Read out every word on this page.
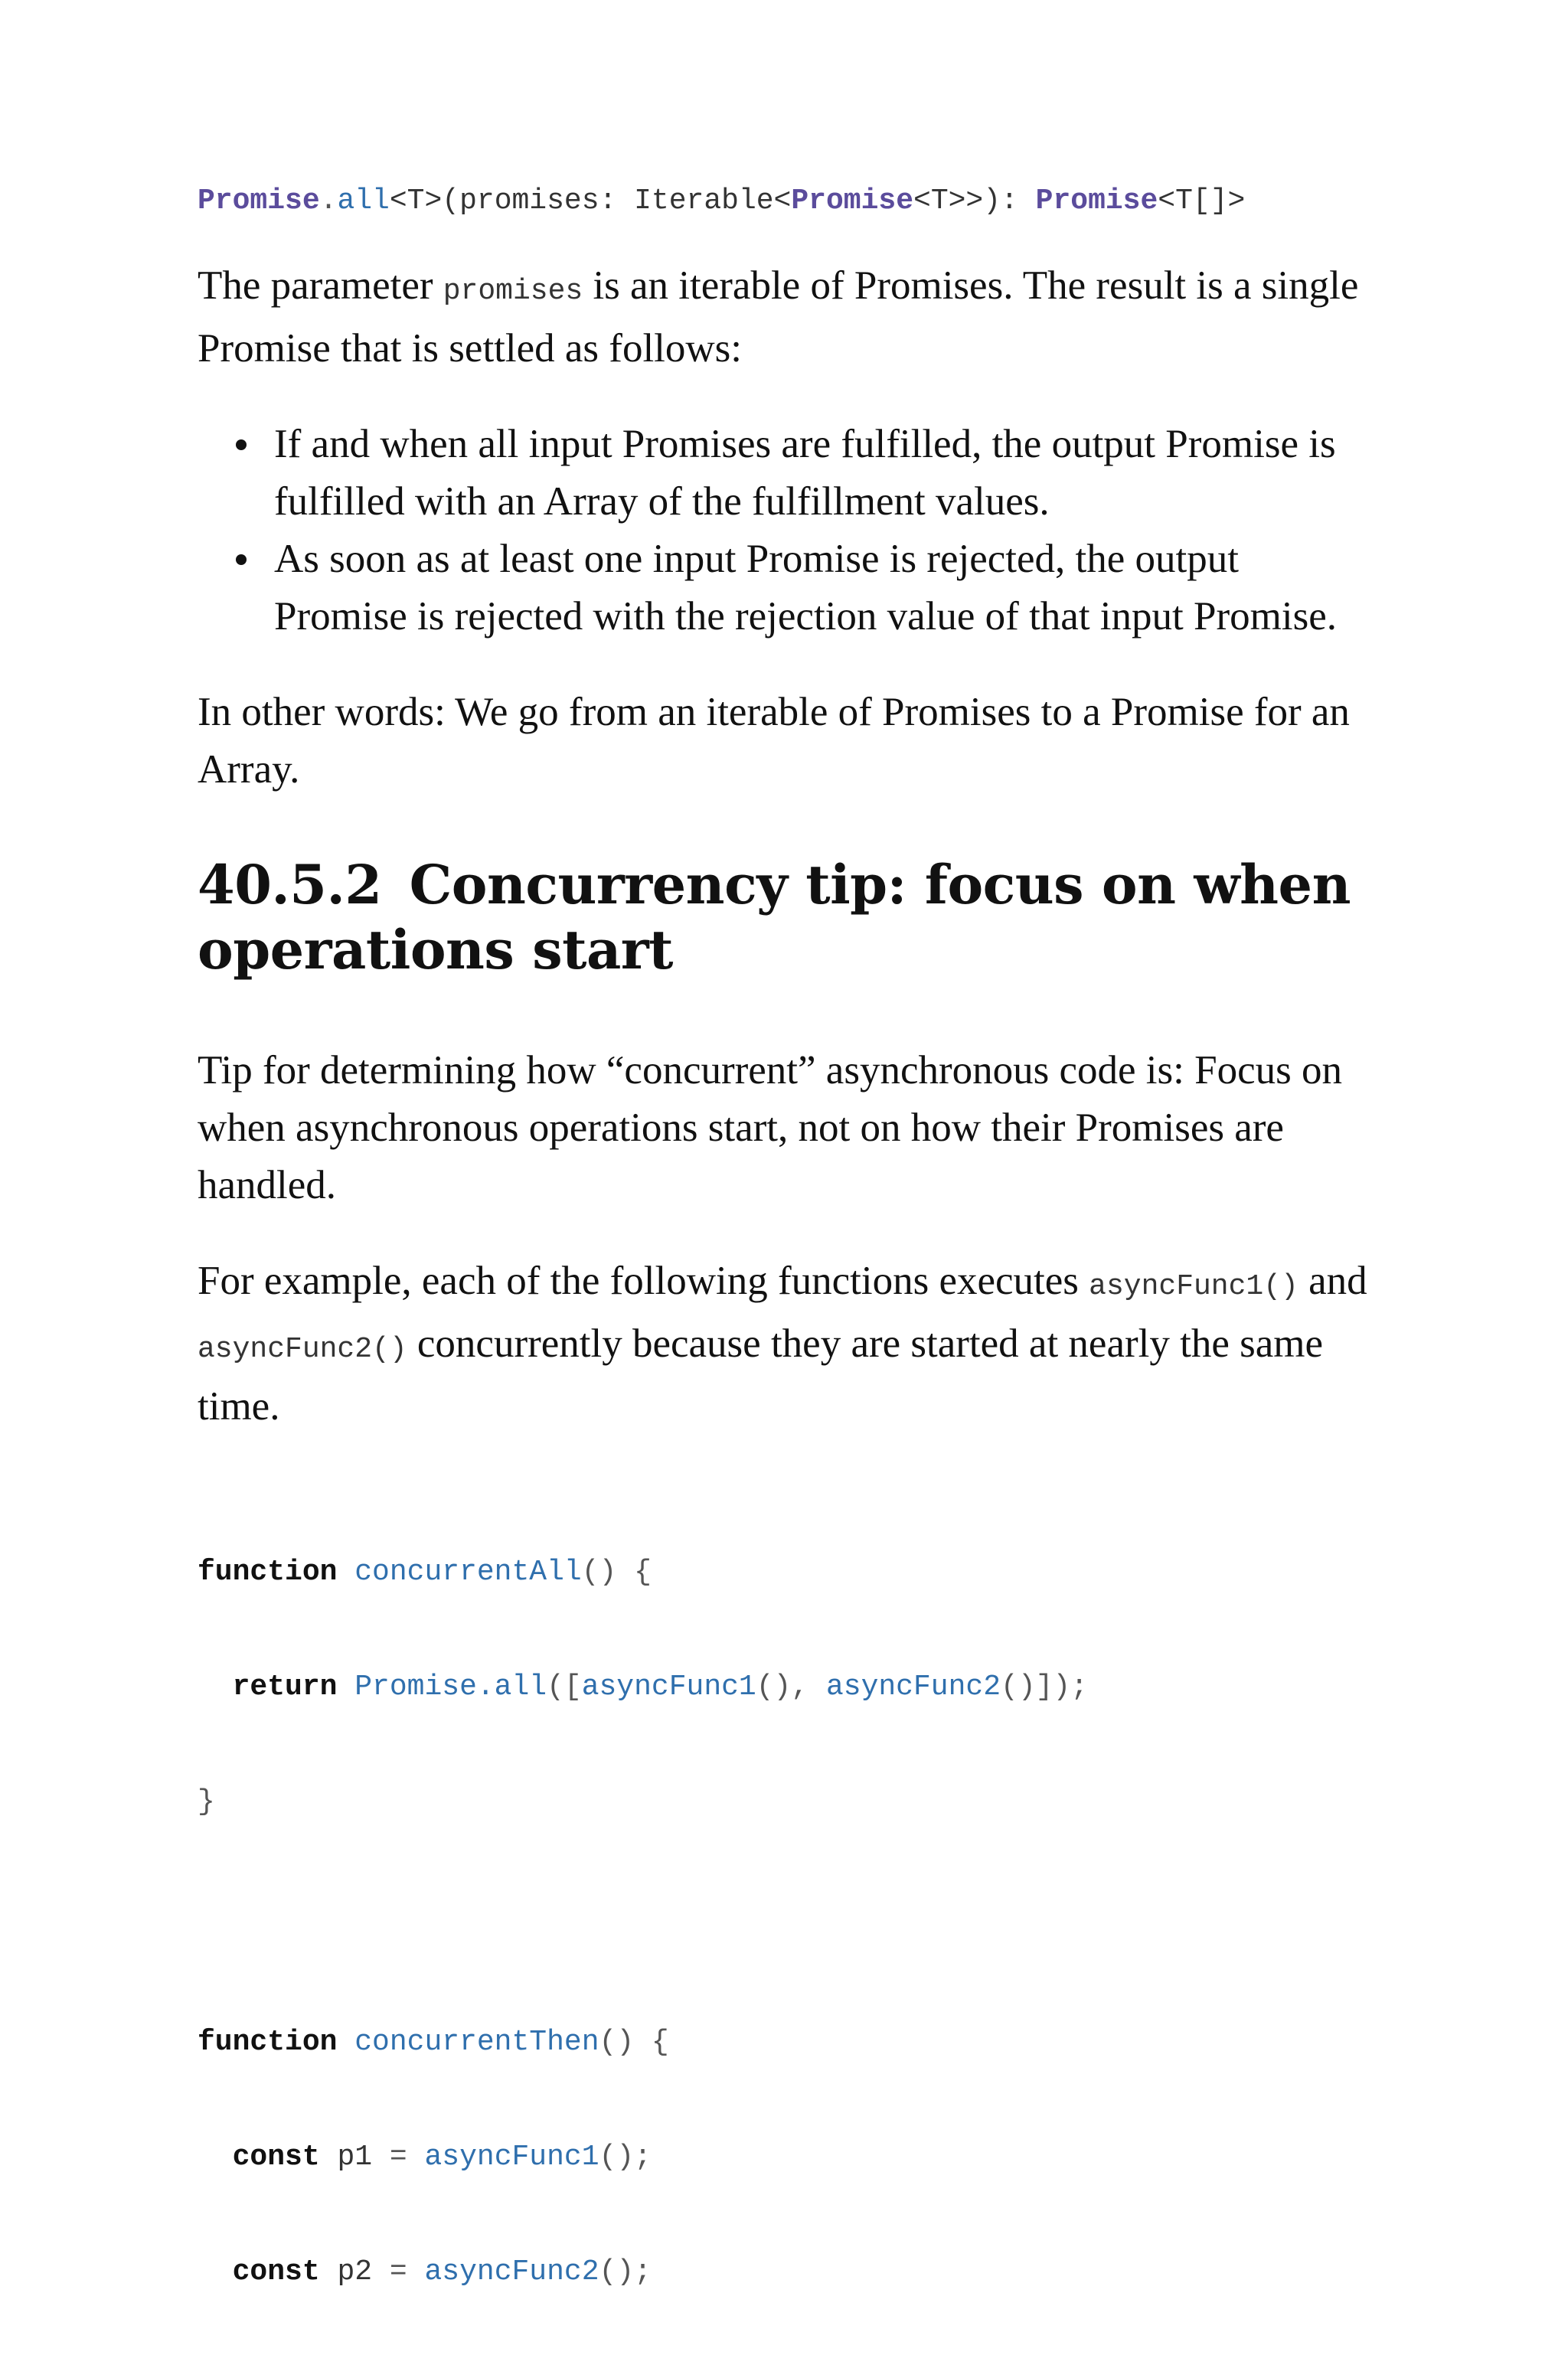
Promise.all<T>(promises: Iterable<Promise<T>>): Promise<T[]>

The parameter promises is an iterable of Promises. The result is a single Promise that is settled as follows:

If and when all input Promises are fulfilled, the output Promise is fulfilled with an Array of the fulfillment values.
As soon as at least one input Promise is rejected, the output Promise is rejected with the rejection value of that input Promise.

In other words: We go from an iterable of Promises to a Promise for an Array.

40.5.2 Concurrency tip: focus on when operations start

Tip for determining how “concurrent” asynchronous code is: Focus on when asynchronous operations start, not on how their Promises are handled.

For example, each of the following functions executes asyncFunc1() and asyncFunc2() concurrently because they are started at nearly the same time.

function concurrentAll() {

return Promise.all([asyncFunc1(), asyncFunc2()]);

}

function concurrentThen() {

const p1 = asyncFunc1();

const p2 = asyncFunc2();
